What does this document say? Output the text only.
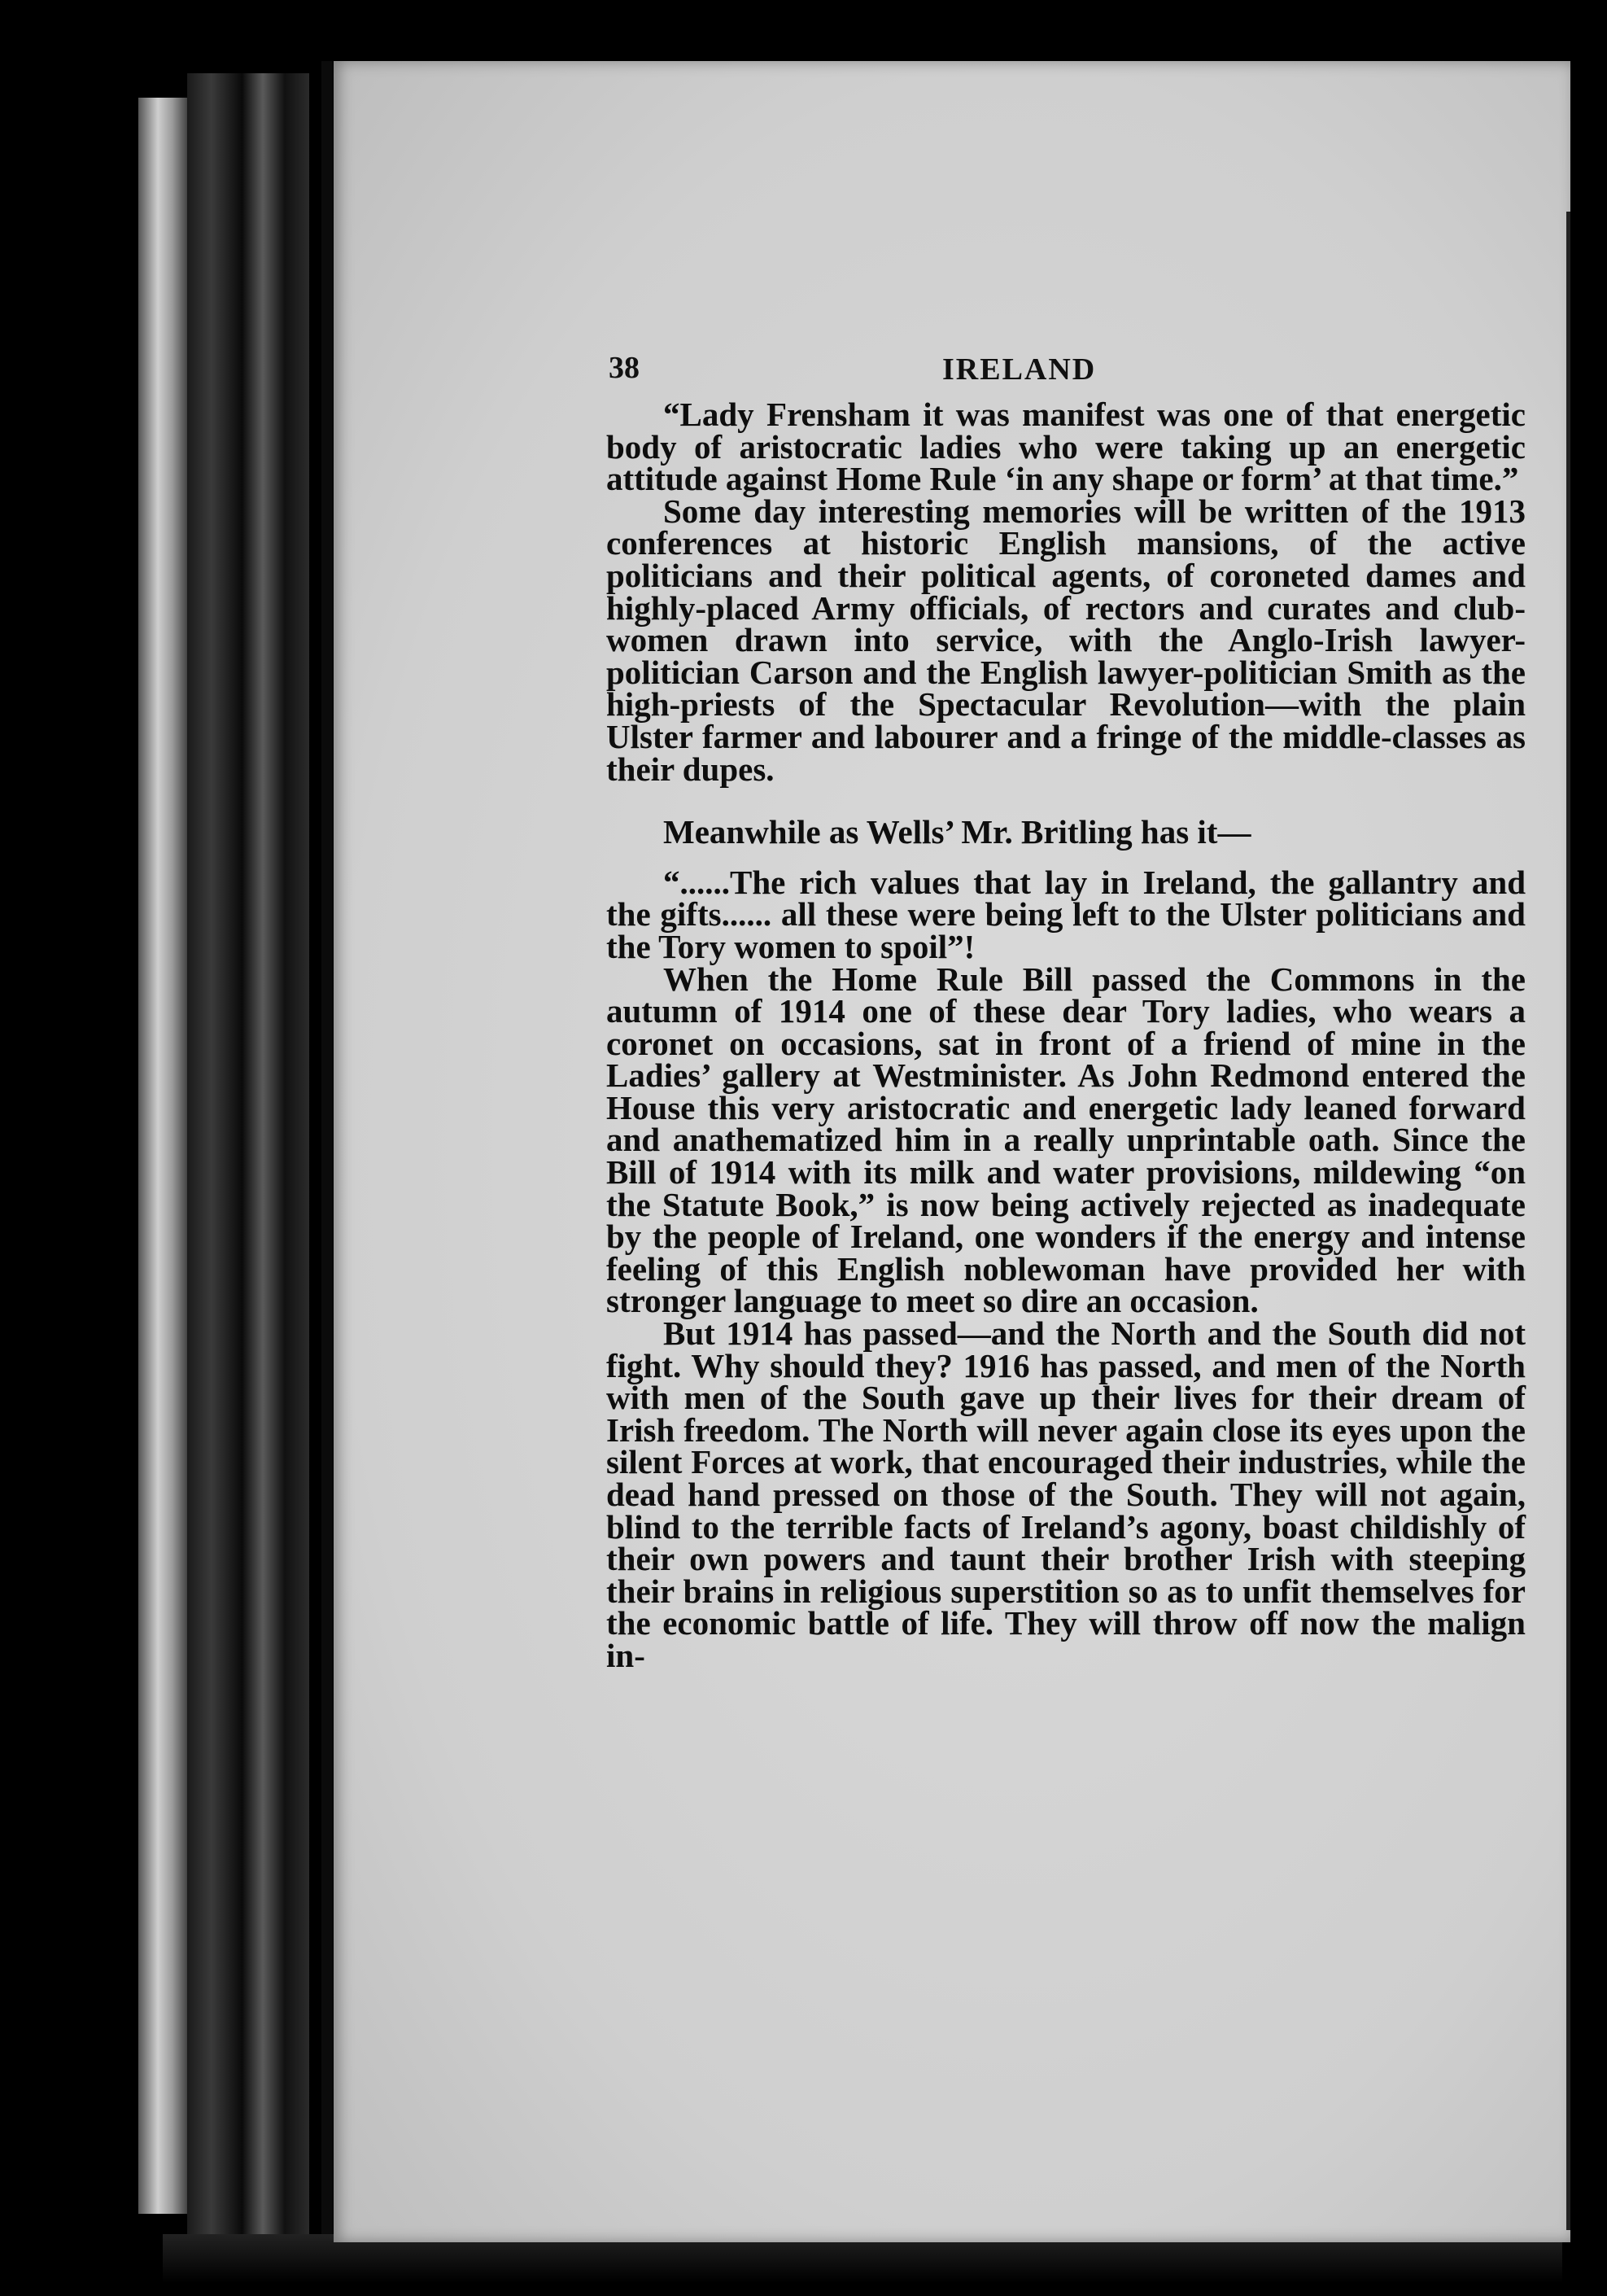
38	IRELAND

“Lady Frensham it was manifest was one of that energetic body of aristocratic ladies who were taking up an energetic attitude against Home Rule ‘in any shape or form’ at that time.”

Some day interesting memories will be written of the 1913 conferences at historic English mansions, of the active politicians and their political agents, of coroneted dames and highly-placed Army officials, of rectors and curates and club-women drawn into service, with the Anglo-Irish lawyer-politician Carson and the English lawyer-politician Smith as the high-priests of the Spectacular Revolution—with the plain Ulster farmer and labourer and a fringe of the middle-classes as their dupes.

Meanwhile as Wells’ Mr. Britling has it—

“......The rich values that lay in Ireland, the gallantry and the gifts...... all these were being left to the Ulster politicians and the Tory women to spoil”!

When the Home Rule Bill passed the Commons in the autumn of 1914 one of these dear Tory ladies, who wears a coronet on occasions, sat in front of a friend of mine in the Ladies’ gallery at Westminister. As John Redmond entered the House this very aristocratic and energetic lady leaned forward and anathematized him in a really unprintable oath. Since the Bill of 1914 with its milk and water provisions, mildewing “on the Statute Book,” is now being actively rejected as inadequate by the people of Ireland, one wonders if the energy and intense feeling of this English noblewoman have provided her with stronger language to meet so dire an occasion.

But 1914 has passed—and the North and the South did not fight. Why should they? 1916 has passed, and men of the North with men of the South gave up their lives for their dream of Irish freedom. The North will never again close its eyes upon the silent Forces at work, that encouraged their industries, while the dead hand pressed on those of the South. They will not again, blind to the terrible facts of Ireland’s agony, boast childishly of their own powers and taunt their brother Irish with steeping their brains in religious superstition so as to unfit themselves for the economic battle of life. They will throw off now the malign in-
